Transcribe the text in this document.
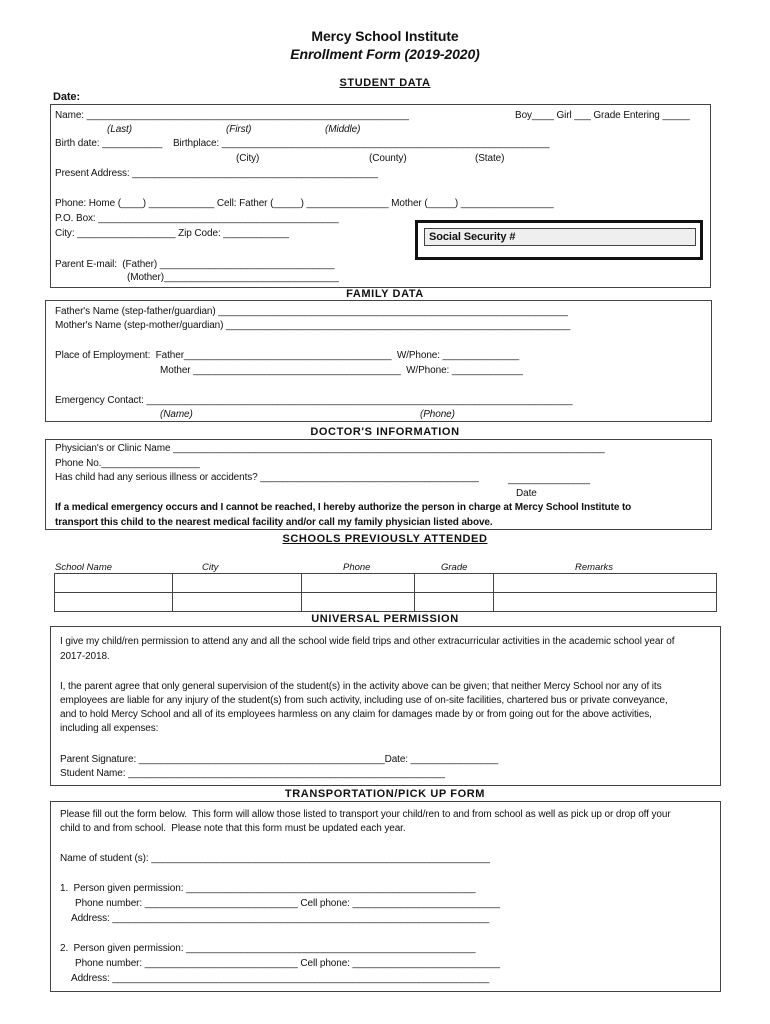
Mercy School Institute
Enrollment Form (2019-2020)
STUDENT DATA
Date:
Name: ___________________________________________________________	Boy____ Girl ___ Grade Entering _____
(Last)	(First)	(Middle)
Birth date: ___________    Birthplace: ____________________________________________________________
(City)	(County)	(State)
Present Address: _____________________________________________
Phone: Home (____) ____________ Cell: Father (_____) _______________ Mother (_____) _________________
P.O. Box: ____________________________________________
City: __________________ Zip Code: ____________	Social Security #
Parent E-mail:  (Father) ________________________________
(Mother)________________________________
FAMILY DATA
Father's Name (step-father/guardian) ________________________________________________________________
Mother's Name (step-mother/guardian) _______________________________________________________________
Place of Employment:  Father______________________________________  W/Phone: ______________
Mother ______________________________________  W/Phone: _____________
Emergency Contact: ______________________________________________________________________________
(Name)	(Phone)
DOCTOR'S INFORMATION
Physician's or Clinic Name _______________________________________________________________________________
Phone No.__________________
Has child had any serious illness or accidents? ________________________________________	_______________
Date
If a medical emergency occurs and I cannot be reached, I hereby authorize the person in charge at Mercy School Institute to
transport this child to the nearest medical facility and/or call my family physician listed above.
SCHOOLS PREVIOUSLY ATTENDED
School Name	City	Phone	Grade	Remarks
UNIVERSAL PERMISSION
I give my child/ren permission to attend any and all the school wide field trips and other extracurricular activities in the academic school year of
2017-2018.
I, the parent agree that only general supervision of the student(s) in the activity above can be given; that neither Mercy School nor any of its
employees are liable for any injury of the student(s) from such activity, including use of on-site facilities, chartered bus or private conveyance,
and to hold Mercy School and all of its employees harmless on any claim for damages made by or from going out for the above activities,
including all expenses:
Parent Signature: _____________________________________________Date: ________________
Student Name: __________________________________________________________
TRANSPORTATION/PICK UP FORM
Please fill out the form below.  This form will allow those listed to transport your child/ren to and from school as well as pick up or drop off your
child to and from school.  Please note that this form must be updated each year.
Name of student (s): ______________________________________________________________
1.  Person given permission: _____________________________________________________
Phone number: ____________________________ Cell phone: ___________________________
Address: _____________________________________________________________________
2.  Person given permission: _____________________________________________________
Phone number: ____________________________ Cell phone: ___________________________
Address: _____________________________________________________________________
